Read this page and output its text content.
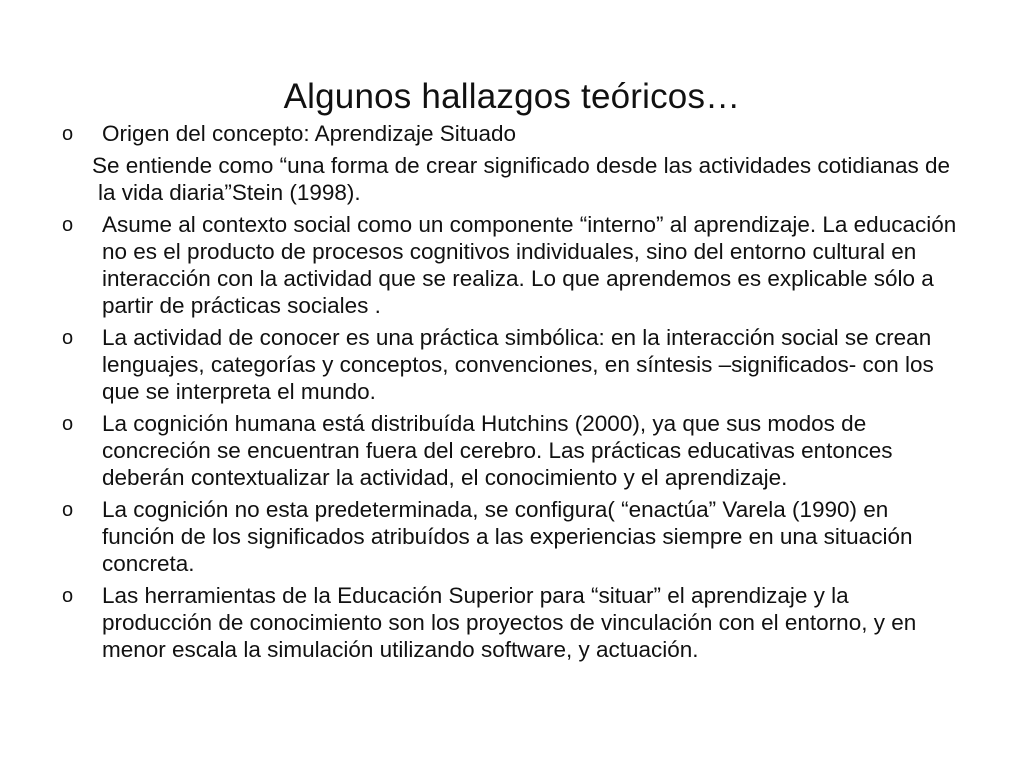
Algunos hallazgos teóricos…
o	Origen del concepto: Aprendizaje Situado
Se entiende como “una forma de crear significado desde las actividades cotidianas de la vida diaria”Stein (1998).
o	Asume al contexto social como un componente “interno” al aprendizaje. La educación no es el producto de procesos cognitivos individuales, sino del entorno cultural en interacción con la actividad que se realiza. Lo que aprendemos es explicable sólo a partir de prácticas sociales .
o	La actividad de conocer es una práctica simbólica: en la interacción social se crean lenguajes, categorías y conceptos, convenciones, en síntesis –significados- con los que se interpreta el mundo.
o	La cognición humana está distribuída Hutchins (2000), ya que sus modos de concreción se encuentran fuera del cerebro. Las prácticas educativas entonces deberán contextualizar la actividad, el conocimiento y el aprendizaje.
o	La cognición no esta predeterminada, se configura( “enactúa” Varela (1990) en función de los significados atribuídos a las experiencias siempre en una situación concreta.
o	Las herramientas de la Educación Superior para “situar” el aprendizaje y la producción de conocimiento son los proyectos de vinculación con el entorno, y en menor escala la simulación utilizando software, y actuación.
